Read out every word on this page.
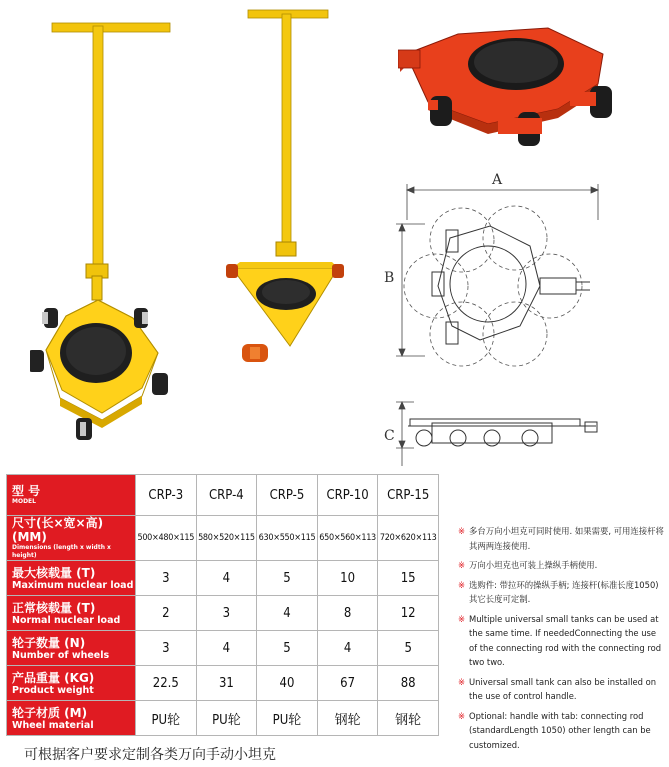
A
B
C
型 号
MODEL	CRP-3	CRP-4	CRP-5	CRP-10	CRP-15

尺寸(长×宽×高)(MM)
Dimensions (length x width x height)	500×480×115	580×520×115	630×550×115	650×560×113	720×620×113

最大核载量 (T)
Maximum nuclear load	3	4	5	10	15

正常核载量 (T)
Normal nuclear load	2	3	4	8	12

轮子数量 (N)
Number of wheels	3	4	5	4	5

产品重量 (KG)
Product weight	22.5	31	40	67	88

轮子材质 (M)
Wheel material	PU轮	PU轮	PU轮	钢轮	钢轮
※ 多台万向小坦克可同时使用. 如果需要, 可用连接杆将其两两连接使用.
※ 万向小坦克也可装上操纵手柄使用.
※ 选购件: 带拉环的操纵手柄; 连接杆(标准长度1050) 其它长度可定制.
※ Multiple universal small tanks can be used at the same time. If neededConnecting the use of the connecting rod with the connecting rod two two.
※ Universal small tank can also be installed on the use of control handle.
※ Optional: handle with tab: connecting rod (standardLength 1050) other length can be customized.
可根据客户要求定制各类万向手动小坦克
